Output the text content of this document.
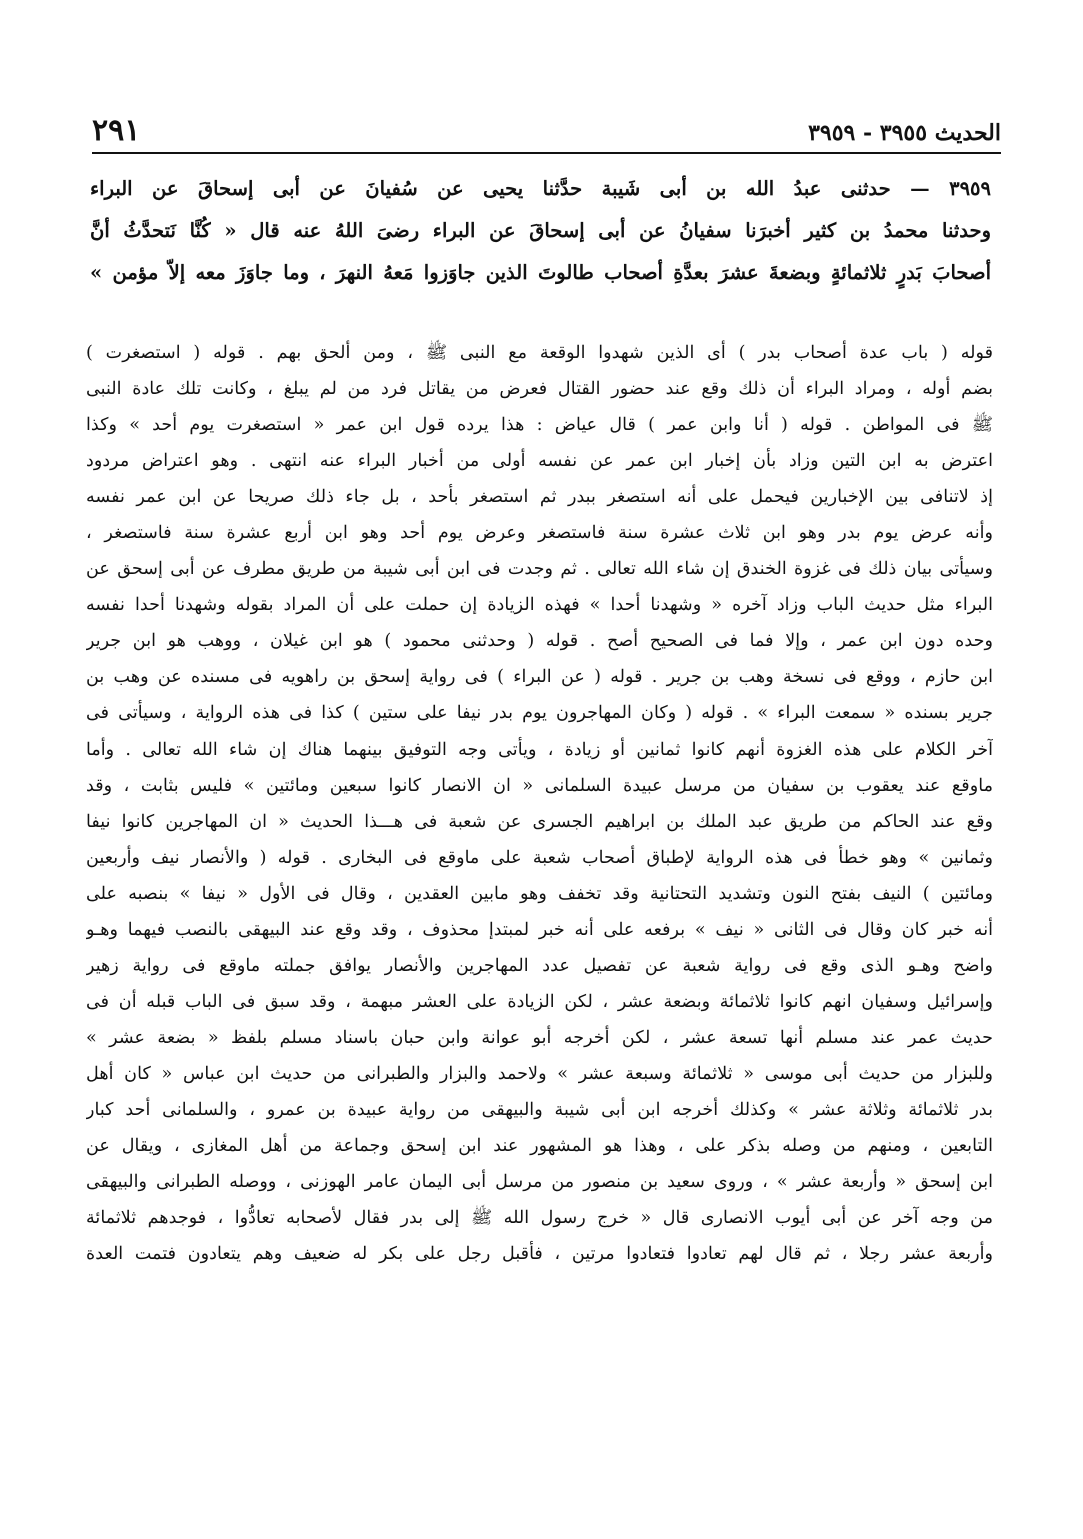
الحديث ٣٩٥٥ - ٣٩٥٩
٢٩١
٣٩٥٩ — حدثنى عبدُ الله بن أبى شَيبة حدَّثنا يحيى عن سُفيانَ عن أبى إسحاقَ عن البراء
وحدثنا محمدُ بن كثير أخبرَنا سفيانُ عن أبى إسحاقَ عن البراء رضىَ اللهُ عنه قال « كُنَّا نَتحدَّثُ أنَّ
أصحابَ بَدرٍ ثلاثمائةٍ وبضعةَ عشرَ بعدَّةِ أصحاب طالوتَ الذين جاوَزوا مَعهُ النهرَ ، وما جاوَزَ معه إلاّ مؤمن »
قوله ( باب عدة أصحاب بدر ) أى الذين شهدوا الوقعة مع النبى ﷺ ، ومن ألحق بهم . قوله ( استصغرت )
بضم أوله ، ومراد البراء أن ذلك وقع عند حضور القتال فعرض من يقاتل فرد من لم يبلغ ، وكانت تلك عادة النبى
ﷺ فى المواطن . قوله ( أنا وابن عمر ) قال عياض : هذا يرده قول ابن عمر « استصغرت يوم أحد » وكذا
اعترض به ابن التين وزاد بأن إخبار ابن عمر عن نفسه أولى من أخبار البراء عنه انتهى . وهو اعتراض مردود
إذ لاتنافى بين الإخبارين فيحمل على أنه استصغر ببدر ثم استصغر بأحد ، بل جاء ذلك صريحا عن ابن عمر نفسه
وأنه عرض يوم بدر وهو ابن ثلاث عشرة سنة فاستصغر وعرض يوم أحد وهو ابن أربع عشرة سنة فاستصغر ،
وسيأتى بيان ذلك فى غزوة الخندق إن شاء الله تعالى . ثم وجدت فى ابن أبى شيبة من طريق مطرف عن أبى إسحق عن
البراء مثل حديث الباب وزاد آخره « وشهدنا أحدا » فهذه الزيادة إن حملت على أن المراد بقوله وشهدنا أحدا نفسه
وحده دون ابن عمر ، وإلا فما فى الصحيح أصح . قوله ( وحدثنى محمود ) هو ابن غيلان ، ووهب هو ابن جرير
ابن حازم ، ووقع فى نسخة وهب بن جرير . قوله ( عن البراء ) فى رواية إسحق بن راهويه فى مسنده عن وهب بن
جرير بسنده « سمعت البراء » . قوله ( وكان المهاجرون يوم بدر نيفا على ستين ) كذا فى هذه الرواية ، وسيأتى فى
آخر الكلام على هذه الغزوة أنهم كانوا ثمانين أو زيادة ، ويأتى وجه التوفيق بينهما هناك إن شاء الله تعالى . وأما
ماوقع عند يعقوب بن سفيان من مرسل عبيدة السلمانى « ان الانصار كانوا سبعين ومائتين » فليس بثابت ، وقد
وقع عند الحاكم من طريق عبد الملك بن ابراهيم الجسرى عن شعبة فى هـــذا الحديث « ان المهاجرين كانوا نيفا
وثمانين » وهو خطأ فى هذه الرواية لإطباق أصحاب شعبة على ماوقع فى البخارى . قوله ( والأنصار نيف وأربعين
ومائتين ) النيف بفتح النون وتشديد التحتانية وقد تخفف وهو مابين العقدين ، وقال فى الأول « نيفا » بنصبه على
أنه خبر كان وقال فى الثانى « نيف » برفعه على أنه خبر لمبتدإ محذوف ، وقد وقع عند البيهقى بالنصب فيهما وهـو
واضح وهـو الذى وقع فى رواية شعبة عن تفصيل عدد المهاجرين والأنصار يوافق جملته ماوقع فى رواية زهير
وإسرائيل وسفيان انهم كانوا ثلاثمائة وبضعة عشر ، لكن الزيادة على العشر مبهمة ، وقد سبق فى الباب قبله أن فى
حديث عمر عند مسلم أنها تسعة عشر ، لكن أخرجه أبو عوانة وابن حبان باسناد مسلم بلفظ « بضعة عشر »
وللبزار من حديث أبى موسى « ثلاثمائة وسبعة عشر » ولاحمد والبزار والطبرانى من حديث ابن عباس « كان أهل
بدر ثلاثمائة وثلاثة عشر » وكذلك أخرجه ابن أبى شيبة والبيهقى من رواية عبيدة بن عمرو ، والسلمانى أحد كبار
التابعين ، ومنهم من وصله بذكر على ، وهذا هو المشهور عند ابن إسحق وجماعة من أهل المغازى ، ويقال عن
ابن إسحق « وأربعة عشر » ، وروى سعيد بن منصور من مرسل أبى اليمان عامر الهوزنى ، ووصله الطبرانى والبيهقى
من وجه آخر عن أبى أيوب الانصارى قال « خرج رسول الله ﷺ إلى بدر فقال لأصحابه تعادُّوا ، فوجدهم ثلاثمائة
وأربعة عشر رجلا ، ثم قال لهم تعادوا فتعادوا مرتين ، فأقبل رجل على بكر له ضعيف وهم يتعادون فتمت العدة
